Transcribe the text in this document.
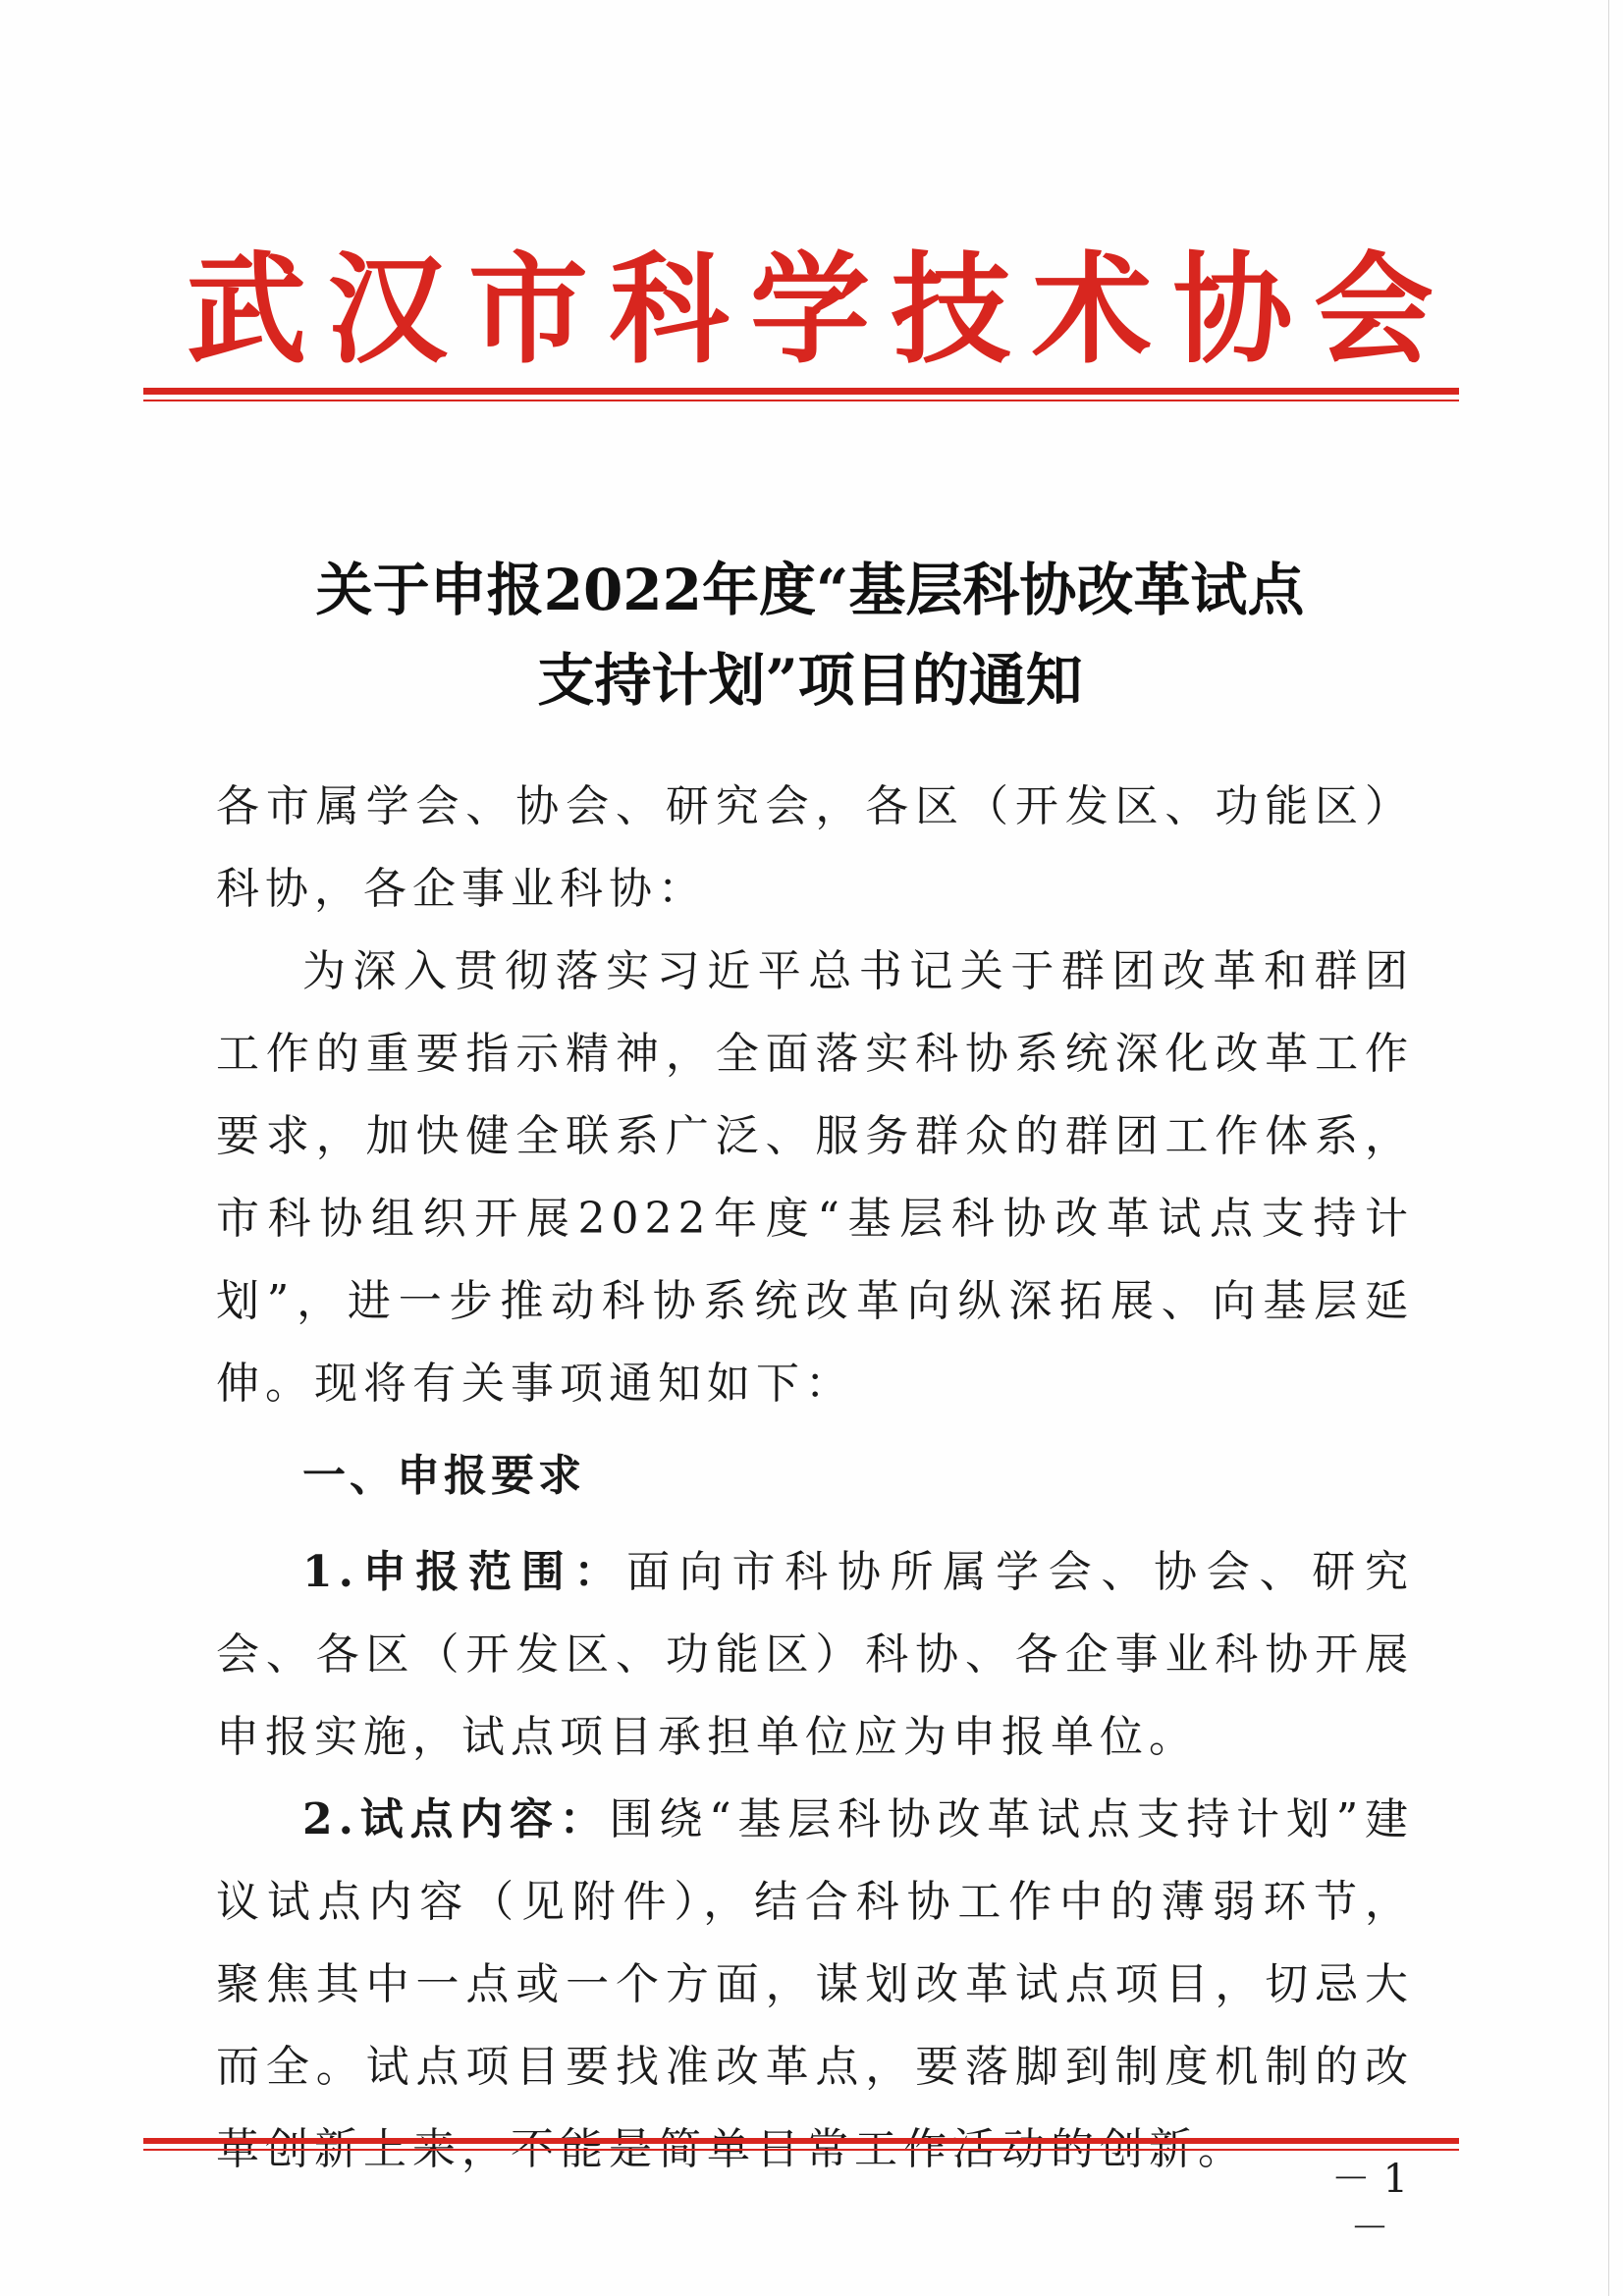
武 汉 市 科 学 技 术 协 会
关于申报2022年度“基层科协改革试点
支持计划”项目的通知

各市属学会、协会、研究会，各区（开发区、功能区）科协，各企事业科协：

为深入贯彻落实习近平总书记关于群团改革和群团工作的重要指示精神，全面落实科协系统深化改革工作要求，加快健全联系广泛、服务群众的群团工作体系，市科协组织开展2022年度“基层科协改革试点支持计划”，进一步推动科协系统改革向纵深拓展、向基层延伸。现将有关事项通知如下：

一、申报要求

1.申报范围：面向市科协所属学会、协会、研究会、各区（开发区、功能区）科协、各企事业科协开展申报实施，试点项目承担单位应为申报单位。

2.试点内容：围绕“基层科协改革试点支持计划”建议试点内容（见附件），结合科协工作中的薄弱环节，聚焦其中一点或一个方面，谋划改革试点项目，切忌大而全。试点项目要找准改革点，要落脚到制度机制的改

－ 1 －
